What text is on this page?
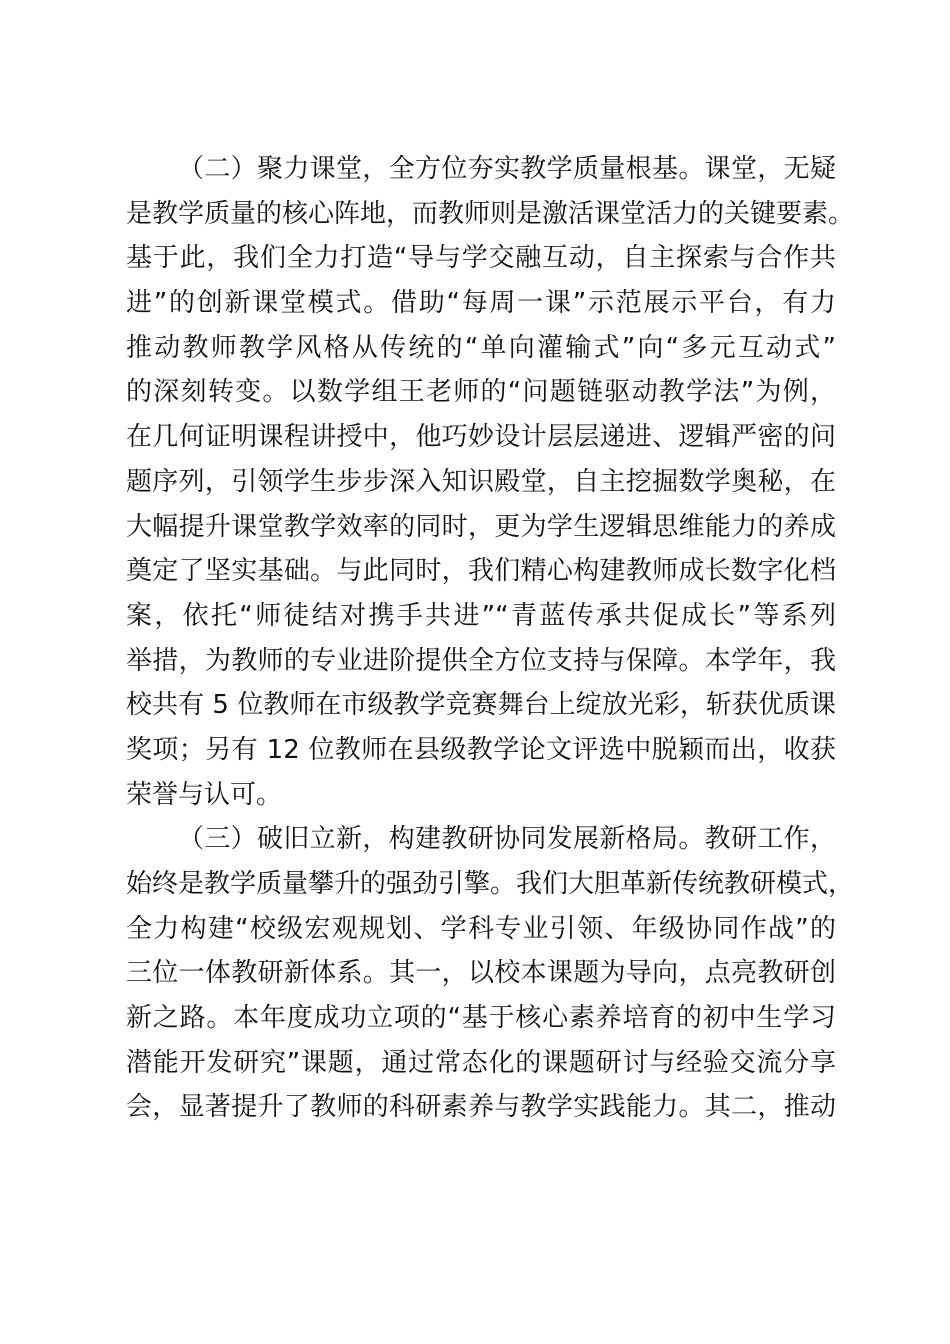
（二）聚力课堂，全方位夯实教学质量根基。课堂，无疑
是教学质量的核心阵地，而教师则是激活课堂活力的关键要素。
基于此，我们全力打造“导与学交融互动，自主探索与合作共
进”的创新课堂模式。借助“每周一课”示范展示平台，有力
推动教师教学风格从传统的“单向灌输式”向“多元互动式”
的深刻转变。以数学组王老师的“问题链驱动教学法”为例，
在几何证明课程讲授中，他巧妙设计层层递进、逻辑严密的问
题序列，引领学生步步深入知识殿堂，自主挖掘数学奥秘，在
大幅提升课堂教学效率的同时，更为学生逻辑思维能力的养成
奠定了坚实基础。与此同时，我们精心构建教师成长数字化档
案，依托“师徒结对携手共进”“青蓝传承共促成长”等系列
举措，为教师的专业进阶提供全方位支持与保障。本学年，我
校共有 5 位教师在市级教学竞赛舞台上绽放光彩，斩获优质课
奖项；另有 12 位教师在县级教学论文评选中脱颖而出，收获
荣誉与认可。
（三）破旧立新，构建教研协同发展新格局。教研工作，
始终是教学质量攀升的强劲引擎。我们大胆革新传统教研模式，
全力构建“校级宏观规划、学科专业引领、年级协同作战”的
三位一体教研新体系。其一，以校本课题为导向，点亮教研创
新之路。本年度成功立项的“基于核心素养培育的初中生学习
潜能开发研究”课题，通过常态化的课题研讨与经验交流分享
会，显著提升了教师的科研素养与教学实践能力。其二，推动
